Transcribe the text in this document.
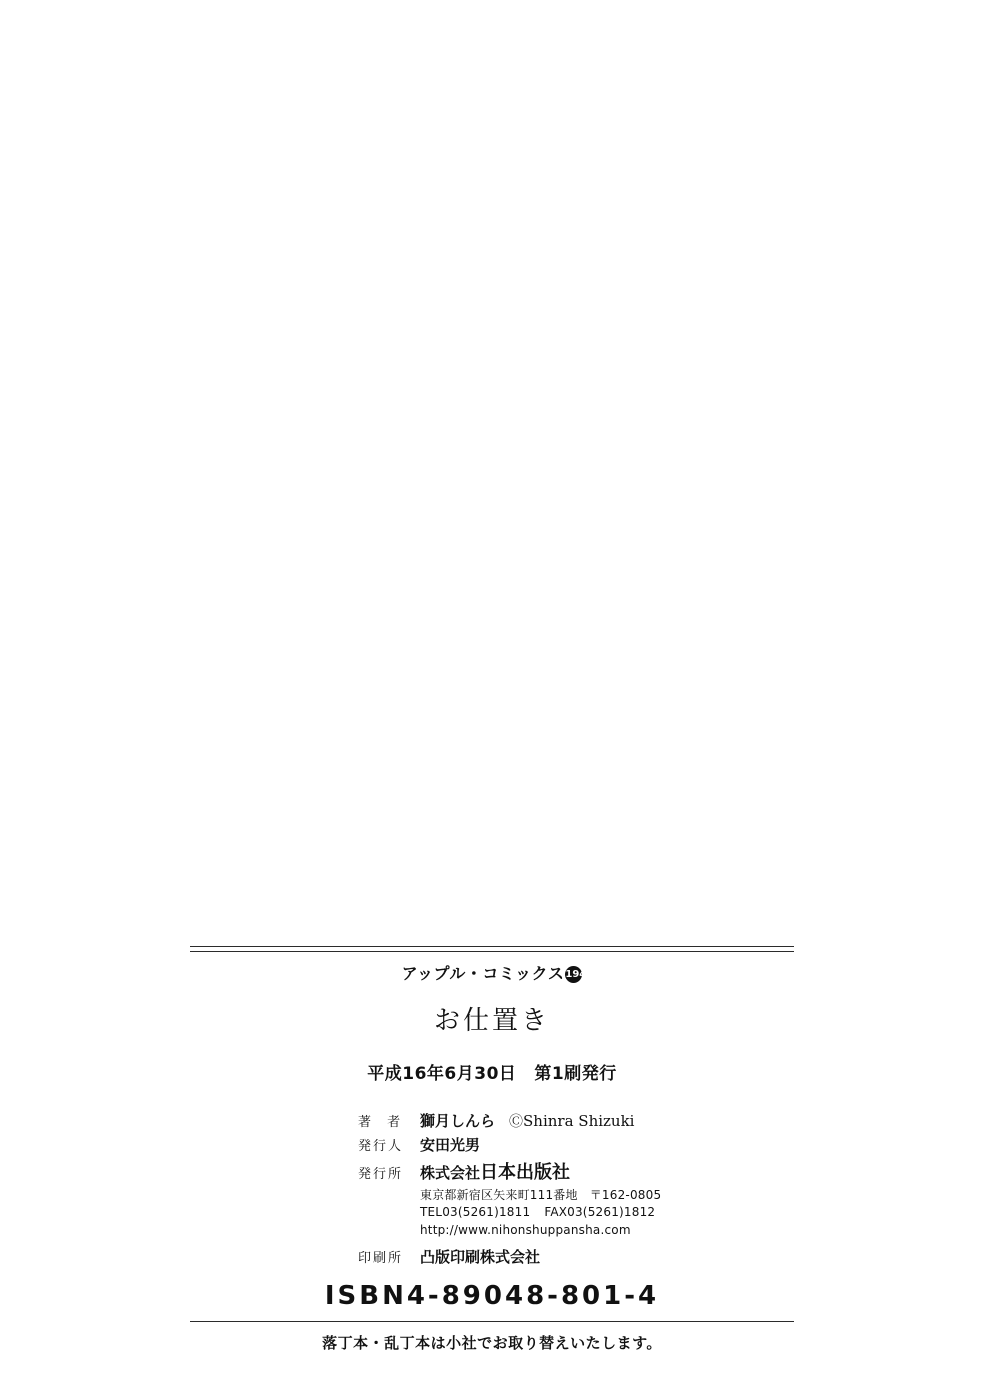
アップル・コミックス194
お仕置き
平成16年6月30日 第1刷発行
著 者 獅月しんら ⒸShinra Shizuki
発行人	安田光男
発行所	株式会社日本出版社
東京都新宿区矢来町111番地 〒162-0805
TEL03(5261)1811 FAX03(5261)1812
http://www.nihonshuppansha.com
印刷所	凸版印刷株式会社
ISBN4-89048-801-4
落丁本・乱丁本は小社でお取り替えいたします。
